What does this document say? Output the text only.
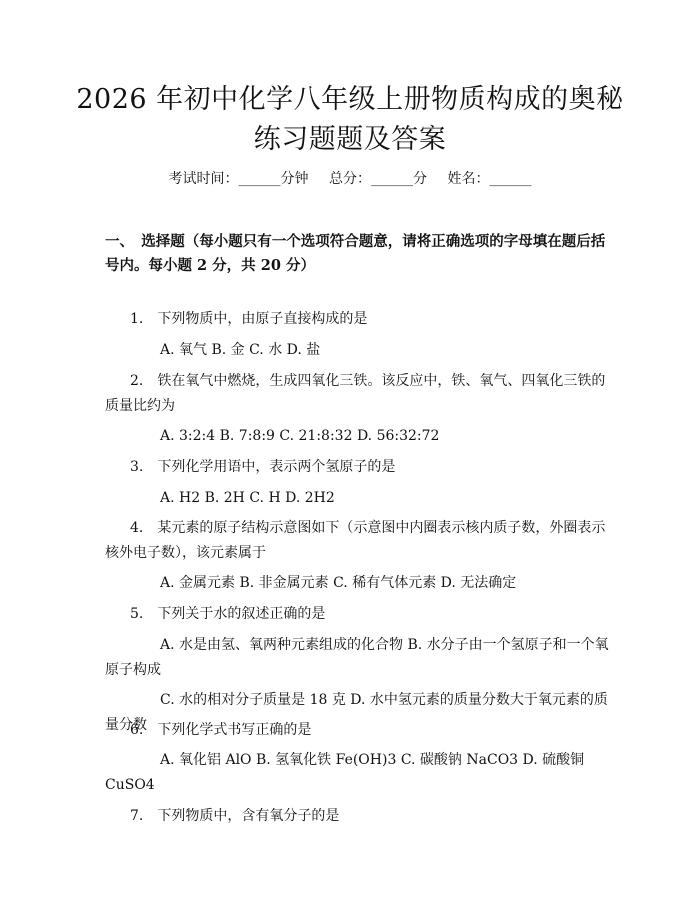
2026 年初中化学八年级上册物质构成的奥秘
练习题题及答案
考试时间：______分钟 总分：______分 姓名：______
一、　选择题（每小题只有一个选项符合题意，请将正确选项的字母填在题后括号内。每小题 2 分，共 20 分）
1.　下列物质中，由原子直接构成的是
A. 氧气 B. 金 C. 水 D. 盐
2.　铁在氧气中燃烧，生成四氧化三铁。该反应中，铁、氧气、四氧化三铁的质量比约为
A. 3:2:4 B. 7:8:9 C. 21:8:32 D. 56:32:72
3.　下列化学用语中，表示两个氢原子的是
A. H2 B. 2H C. H D. 2H2
4.　某元素的原子结构示意图如下（示意图中内圈表示核内质子数，外圈表示核外电子数），该元素属于
A. 金属元素 B. 非金属元素 C. 稀有气体元素 D. 无法确定
5.　下列关于水的叙述正确的是
A. 水是由氢、氧两种元素组成的化合物 B. 水分子由一个氢原子和一个氧原子构成
C. 水的相对分子质量是 18 克 D. 水中氢元素的质量分数大于氧元素的质量分数
6.　下列化学式书写正确的是
A. 氧化铝 AlO B. 氢氧化铁 Fe(OH)3 C. 碳酸钠 NaCO3 D. 硫酸铜 CuSO4
7.　下列物质中，含有氧分子的是
